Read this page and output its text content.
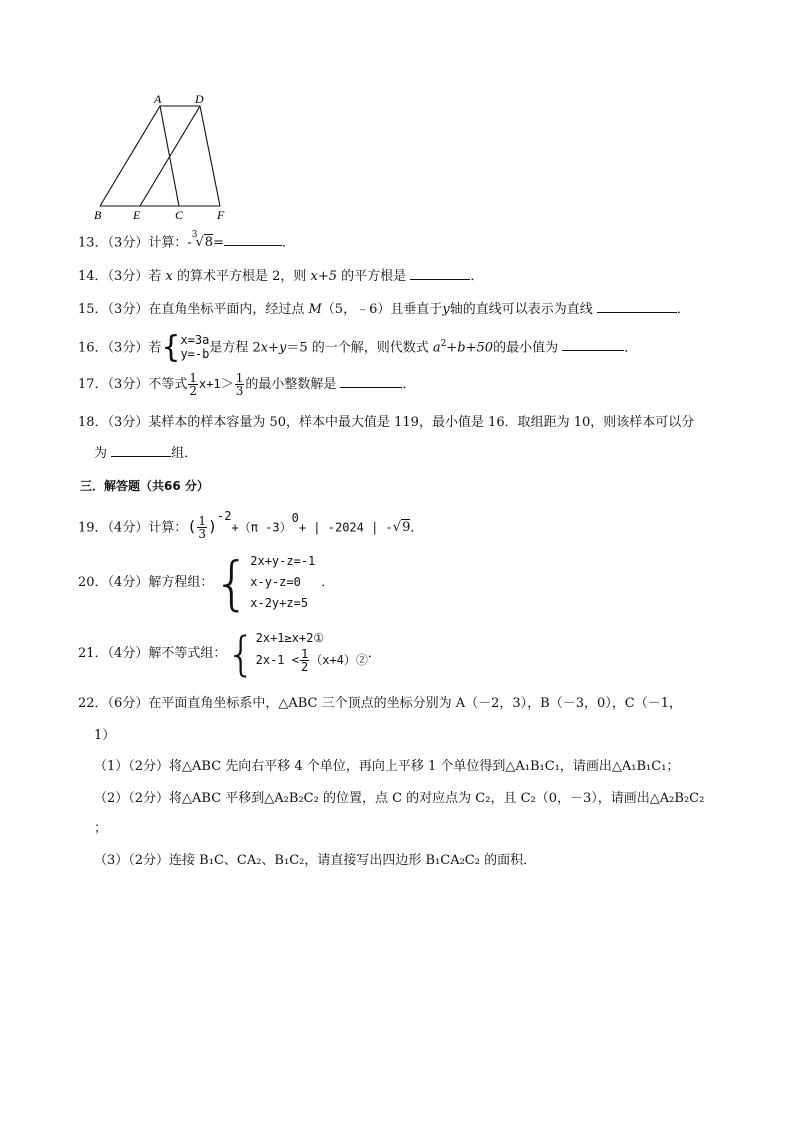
A	D
B	E	C	F
13．（3分）计算：-$^3$√8=	．
14．（3分）若 x 的算术平方根是 2，则 x+5 的平方根是	．
15．（3分）在直角坐标平面内，经过点 M（5，﹣6）且垂直于y轴的直线可以表示为直线	．
16．（3分）若 { x=3a
y=-b 是方程 2x+y＝5 的一个解，则代数式 $a^2+b+50$的最小值为	．
17．（3分）不等式 $\frac{1}{2} x+1> \frac{1}{3}$ 的最小整数解是	．
18．（3分）某样本的样本容量为 50，样本中最大值是 119，最小值是 16．取组距为 10，则该样本可以分
为	组．
三．解答题（共66 分）
19．（4分）计算：( $\frac{1}{3} )^{-2}+(\pi$ -3）$^0$+ | -2024 | -√9．
20．（4分）解方程组： { 2x+y-z=-1
x-y-z=0
x-2y+z=5
．
21．（4分）解不等式组： { 2x+1≥x+2①
$2x-1 < \frac{1}{2}$ （x+4）② ．
22．（6分）在平面直角坐标系中，△ABC 三个顶点的坐标分别为 A（－2，3），B（－3，0），C（－1，
1）
（1）（2分）将△ABC 先向右平移 4 个单位，再向上平移 1 个单位得到△A₁B₁C₁，请画出△A₁B₁C₁；
（2）（2分）将△ABC 平移到△A₂B₂C₂ 的位置，点 C 的对应点为 C₂，且 C₂（0，－3），请画出△A₂B₂C₂
；
（3）（2分）连接 B₁C、CA₂、B₁C₂，请直接写出四边形 B₁CA₂C₂ 的面积．
